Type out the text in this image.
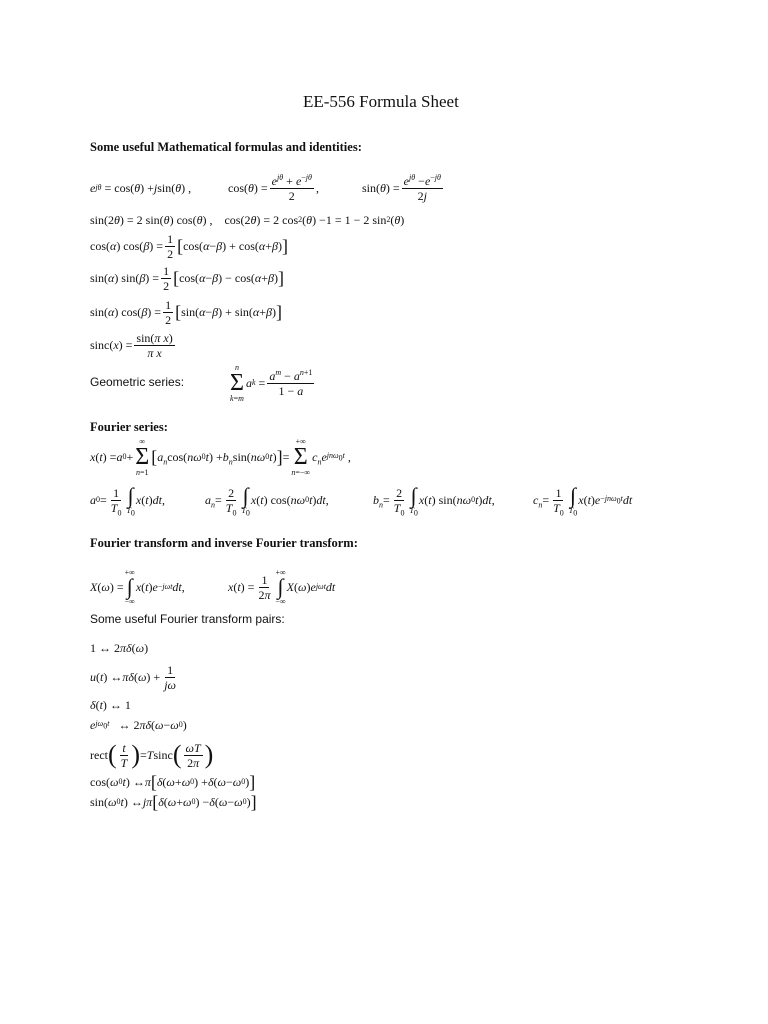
EE-556 Formula Sheet
Some useful Mathematical formulas and identities:
e jθ = cos( θ ) + j sin( θ ) ,	cos( θ ) = $\frac{e^{j\theta} + e^{-j\theta}}{2}$ ,	sin( θ ) = $\frac{e^{j\theta} -e^{-j\theta}}{2j}$
sin(2 θ ) = 2 sin( θ ) cos( θ ) ,    cos(2 θ ) = 2 cos 2 ( θ ) −1 = 1 − 2 sin 2 ( θ )
cos( α ) cos( β ) = $\frac{1}{2}$ [ cos( α − β ) + cos( α + β ) ]
sin( α ) sin( β ) = $\frac{1}{2}$ [ cos( α − β ) − cos( α + β ) ]
sin( α ) cos( β ) = $\frac{1}{2}$ [ sin( α − β ) + sin( α + β ) ]
sinc( x ) = $\frac{\text{sin(π x)}}{\text{π x}}$
Geometric series:
n
Σ
k=m
a $k = \frac{a^m - a^{n+1}}{1 - a}$
Fourier series:
x ( t ) = a 0 +
∞
Σ
n=1
[ $a_n$ cos( nω 0 t ) + $b_n$ sin( nω 0 t ) ] =
+∞
Σ
n=−∞
$c_n$ e jnω$_0$t ,
a $0 = \frac{1}{T_0}$ ∫
$T_0$
x ( t ) dt ,	$a_n = \frac{2}{T_0}$ ∫
$T_0$
x ( t ) cos( nω 0 t ) dt ,	$b_n = \frac{2}{T_0}$ ∫
$T_0$
x ( t ) sin( nω 0 t ) dt ,	$c_n = \frac{1}{T_0}$ ∫
$T_0$
x ( t ) e −jnω$_0$t dt
Fourier transform and inverse Fourier transform:
X ( ω ) =
+∞
∫
−∞
x ( t ) e −jωt dt ,	x ( t ) = $\frac{1}{2\pi}$
+∞
∫
−∞
X ( ω ) e jωt dt
Some useful Fourier transform pairs:
1 ↔ 2 πδ ( ω )
u ( t ) ↔ πδ ( ω ) + $\frac{1}{j\omega}$
δ ( t ) ↔ 1
e $j\omega_0t$ ↔ 2 πδ ( ω − ω 0 )
rect ( $\frac{t}{T}$ ) = T sinc ( $\frac{\omega T}{2\pi}$ )
cos( ω 0 t ) ↔ π [ δ ( ω + ω 0 ) + δ ( ω − ω 0 ) ]
sin( ω 0 t ) ↔ jπ [ δ ( ω + ω 0 ) − δ ( ω − ω 0 ) ]
